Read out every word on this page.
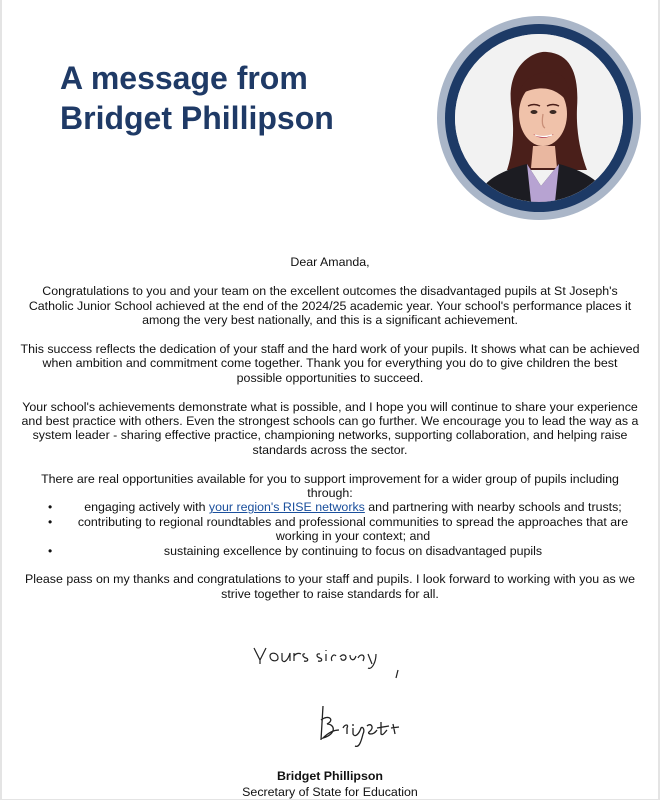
A message from
Bridget Phillipson

Dear Amanda,

Congratulations to you and your team on the excellent outcomes the disadvantaged pupils at St Joseph's Catholic Junior School achieved at the end of the 2024/25 academic year. Your school's performance places it among the very best nationally, and this is a significant achievement.

This success reflects the dedication of your staff and the hard work of your pupils. It shows what can be achieved when ambition and commitment come together. Thank you for everything you do to give children the best possible opportunities to succeed.

Your school's achievements demonstrate what is possible, and I hope you will continue to share your experience and best practice with others. Even the strongest schools can go further. We encourage you to lead the way as a system leader - sharing effective practice, championing networks, supporting collaboration, and helping raise standards across the sector.

There are real opportunities available for you to support improvement for a wider group of pupils including through:

•	engaging actively with your region's RISE networks and partnering with nearby schools and trusts;
• contributing to regional roundtables and professional communities to spread the approaches that are working in your context; and
•	sustaining excellence by continuing to focus on disadvantaged pupils

Please pass on my thanks and congratulations to your staff and pupils. I look forward to working with you as we strive together to raise standards for all.

Bridget Phillipson
Secretary of State for Education
